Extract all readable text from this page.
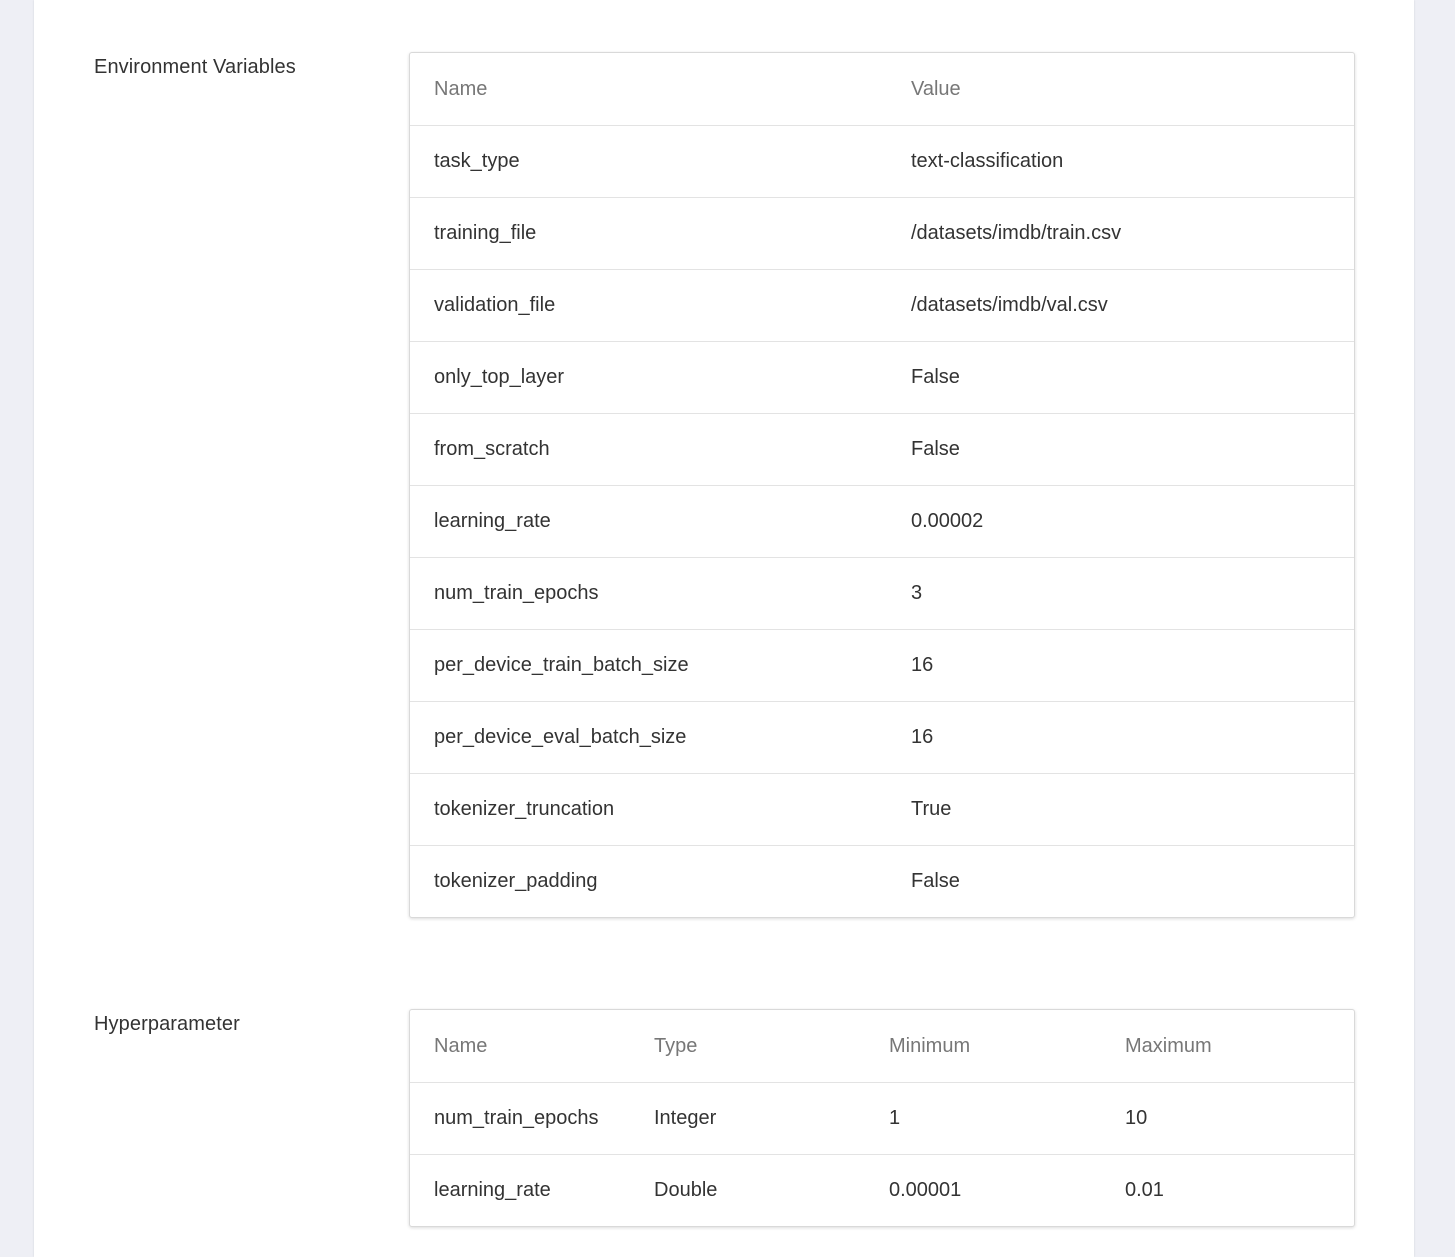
Environment Variables
Name	Value
task_type	text-classification
training_file	/datasets/imdb/train.csv
validation_file	/datasets/imdb/val.csv
only_top_layer	False
from_scratch	False
learning_rate	0.00002
num_train_epochs	3
per_device_train_batch_size	16
per_device_eval_batch_size	16
tokenizer_truncation	True
tokenizer_padding	False
Hyperparameter
Name	Type	Minimum	Maximum
num_train_epochs	Integer	1	10
learning_rate	Double	0.00001	0.01
